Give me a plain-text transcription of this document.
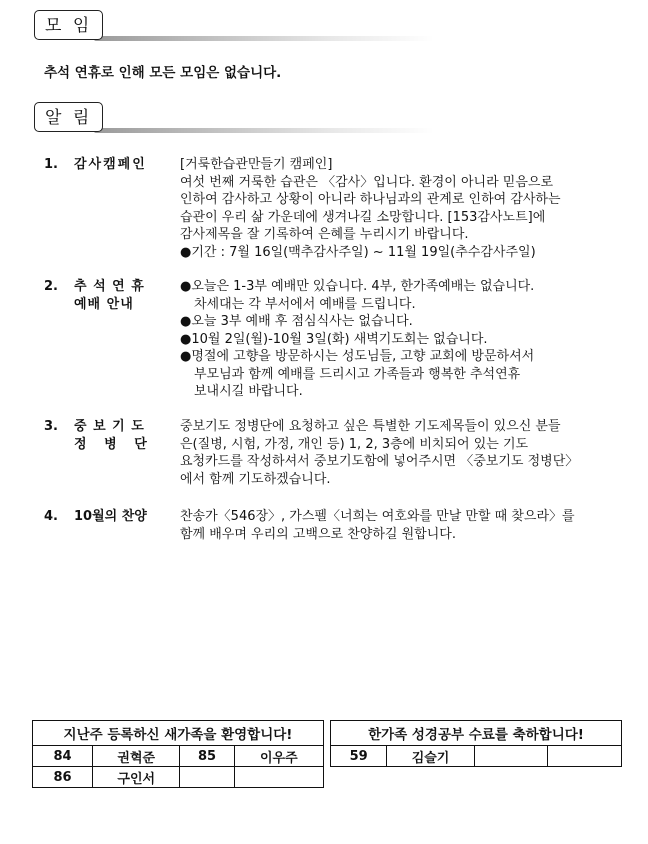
모 임
추석 연휴로 인해 모든 모임은 없습니다.
알 림
1. 감사캠페인	[거룩한습관만들기 캠페인]
여섯 번째 거룩한 습관은 〈감사〉입니다. 환경이 아니라 믿음으로
인하여 감사하고 상황이 아니라 하나님과의 관계로 인하여 감사하는
습관이 우리 삶 가운데에 생겨나길 소망합니다. [153감사노트]에
감사제목을 잘 기록하여 은혜를 누리시기 바랍니다.
●기간 : 7월 16일(맥추감사주일) ~ 11월 19일(추수감사주일)
2. 추 석 연 휴
예배 안내
●오늘은 1-3부 예배만 있습니다. 4부, 한가족예배는 없습니다.
차세대는 각 부서에서 예배를 드립니다.
●오늘 3부 예배 후 점심식사는 없습니다.
●10월 2일(월)-10월 3일(화) 새벽기도회는 없습니다.
●명절에 고향을 방문하시는 성도님들, 고향 교회에 방문하셔서
부모님과 함께 예배를 드리시고 가족들과 행복한 추석연휴
보내시길 바랍니다.
3. 중 보 기 도
정   병   단
중보기도 정병단에 요청하고 싶은 특별한 기도제목들이 있으신 분들
은(질병, 시험, 가정, 개인 등) 1, 2, 3층에 비치되어 있는 기도
요청카드를 작성하셔서 중보기도함에 넣어주시면 〈중보기도 정병단〉
에서 함께 기도하겠습니다.
4. 10월의 찬양	찬송가〈546장〉, 가스펠〈너희는 여호와를 만날 만할 때 찾으라〉를
함께 배우며 우리의 고백으로 찬양하길 원합니다.
지난주 등록하신 새가족을 환영합니다!			
84	권혁준	85	이우주
86	구인서		
한가족 성경공부 수료를 축하합니다!
59	김슬기		
